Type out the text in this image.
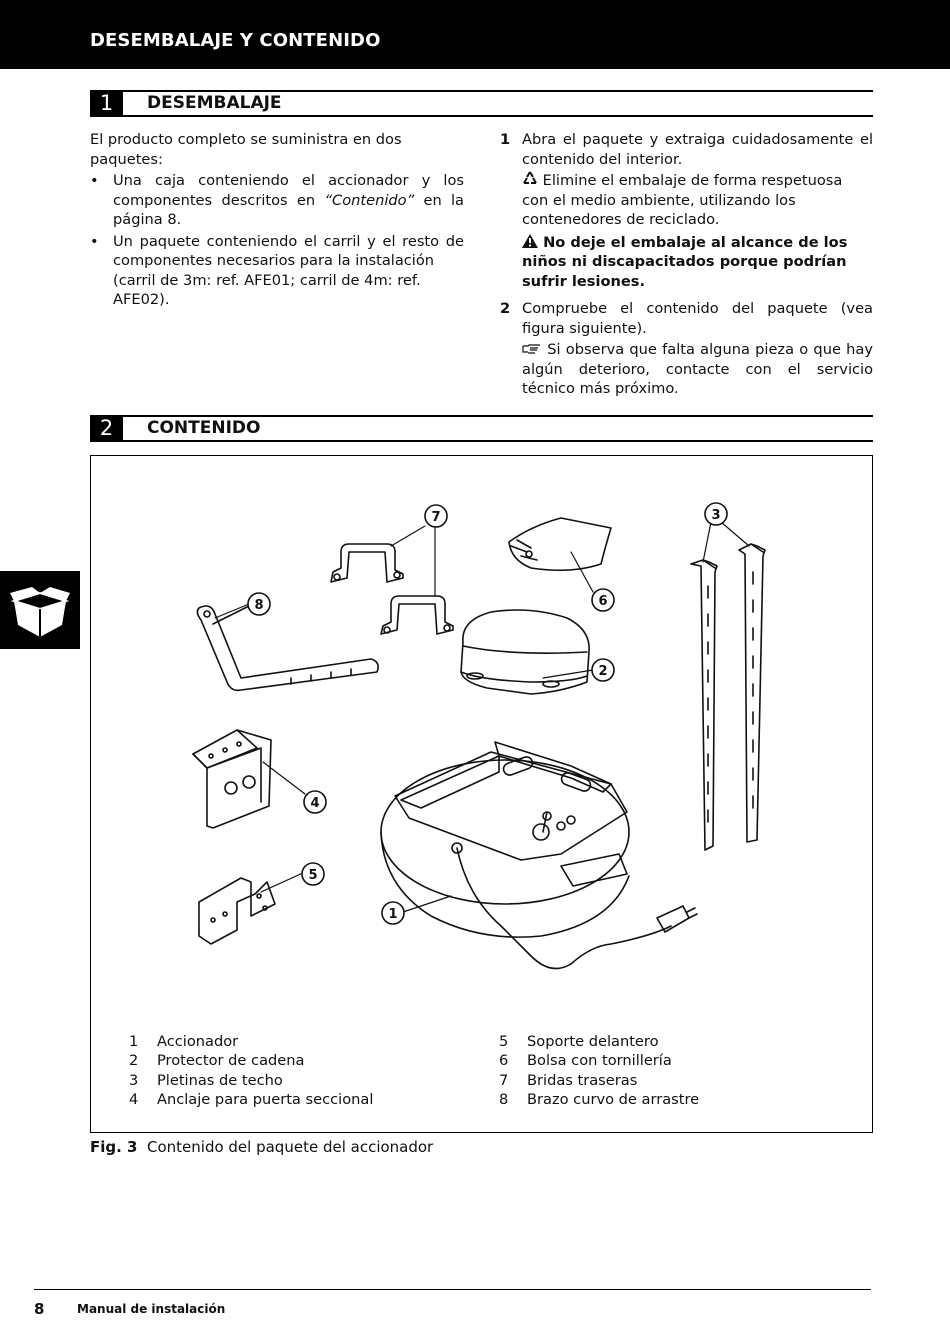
DESEMBALAJE Y CONTENIDO
1	DESEMBALAJE
El producto completo se suministra en dos paquetes:
• Una caja conteniendo el accionador y los componentes descritos en “Contenido” en la página 8.
• Un paquete conteniendo el carril y el resto de componentes necesarios para la instalación
(carril de 3m: ref. AFE01; carril de 4m: ref. AFE02).
1 Abra el paquete y extraiga cuidadosamente el contenido del interior.
Elimine el embalaje de forma respetuosa con el medio ambiente, utilizando los contenedores de reciclado.
No deje el embalaje al alcance de los niños ni discapacitados porque podrían sufrir lesiones.
2 Compruebe el contenido del paquete (vea figura siguiente).
Si observa que falta alguna pieza o que hay algún deterioro, contacte con el servicio técnico más próximo.
2	CONTENIDO
7
8	6
2
3
4
5
1
1 Accionador
2 Protector de cadena
3 Pletinas de techo
4 Anclaje para puerta seccional
5 Soporte delantero
6 Bolsa con tornillería
7 Bridas traseras
8 Brazo curvo de arrastre
Fig. 3 Contenido del paquete del accionador
8	Manual de instalación
